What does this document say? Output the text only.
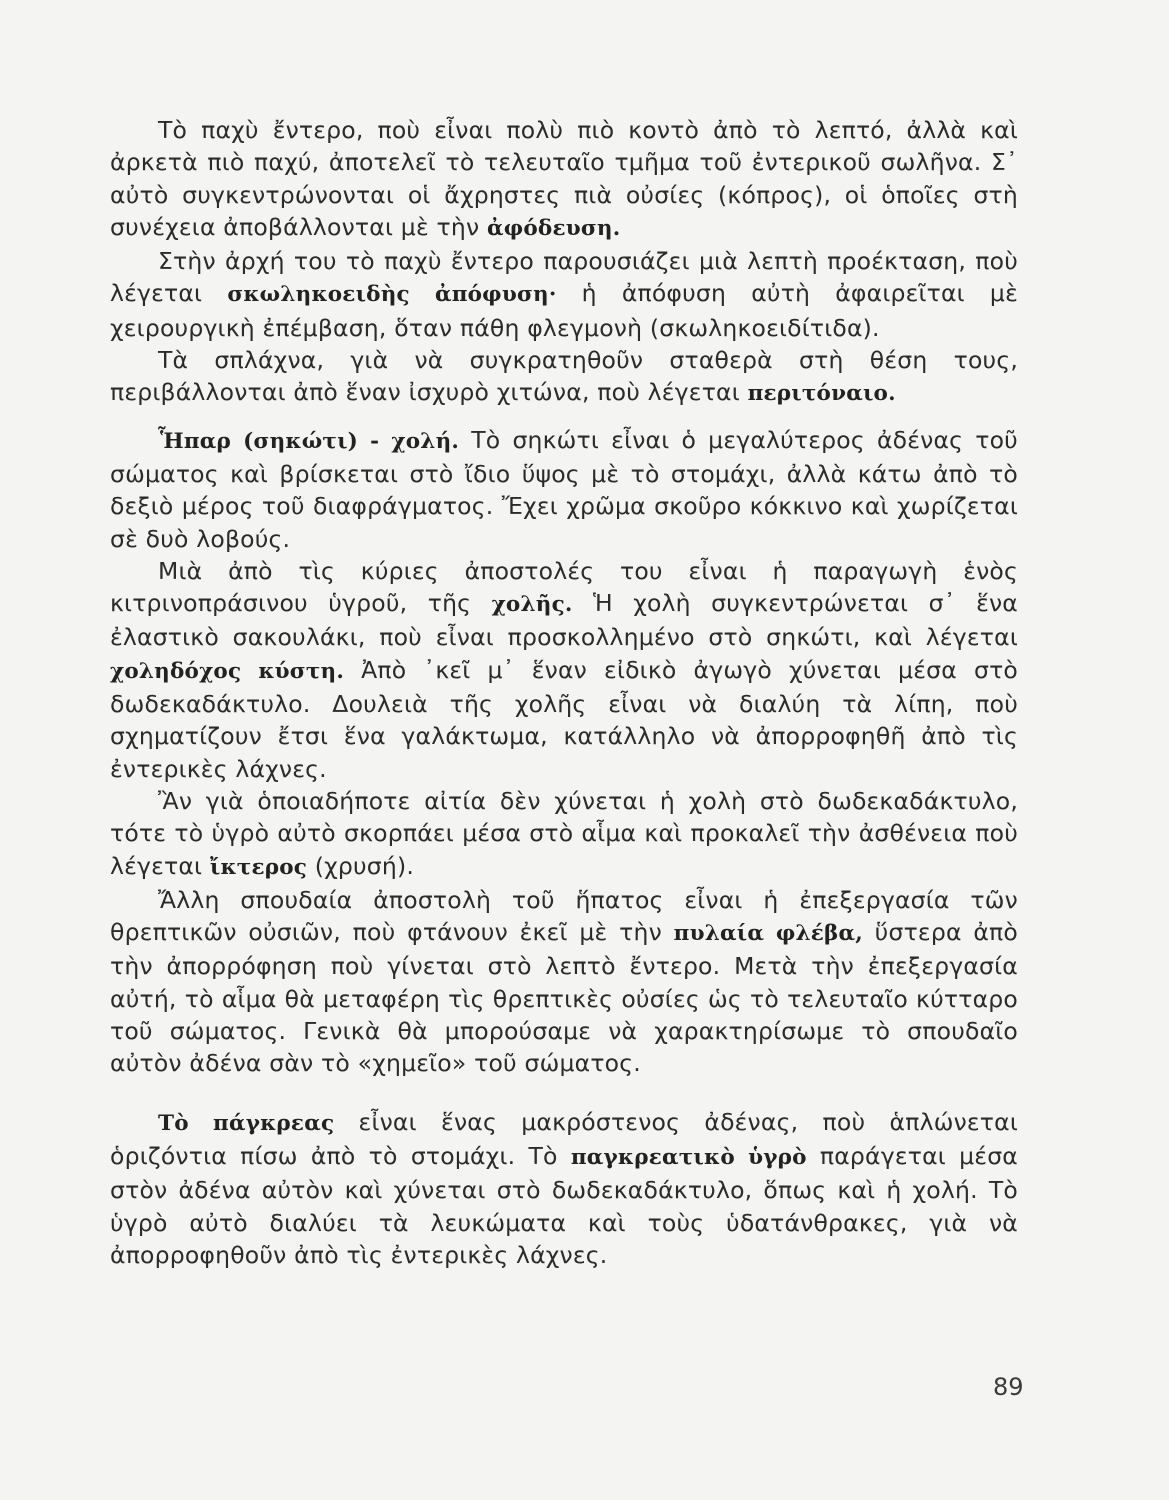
Τὸ παχὺ ἔντερο, ποὺ εἶναι πολὺ πιὸ κοντὸ ἀπὸ τὸ λεπτό, ἀλλὰ καὶ ἀρκετὰ πιὸ παχύ, ἀποτελεῖ τὸ τελευταῖο τμῆμα τοῦ ἐντερικοῦ σωλῆνα. Σ᾿ αὐτὸ συγκεντρώνονται οἱ ἄχρηστες πιὰ οὐσίες (κόπρος), οἱ ὁποῖες στὴ συνέχεια ἀποβάλλονται μὲ τὴν ἀφόδευση.

Στὴν ἀρχή του τὸ παχὺ ἔντερο παρουσιάζει μιὰ λεπτὴ προέκταση, ποὺ λέγεται σκωληκοειδὴς ἀπόφυση· ἡ ἀπόφυση αὐτὴ ἀφαιρεῖται μὲ χειρουργικὴ ἐπέμβαση, ὅταν πάθη φλεγμονὴ (σκωληκοειδίτιδα).

Τὰ σπλάχνα, γιὰ νὰ συγκρατηθοῦν σταθερὰ στὴ θέση τους, περιβάλλονται ἀπὸ ἕναν ἰσχυρὸ χιτώνα, ποὺ λέγεται περιτόναιο.

Ἧπαρ (σηκώτι) - χολή. Τὸ σηκώτι εἶναι ὁ μεγαλύτερος ἀδένας τοῦ σώματος καὶ βρίσκεται στὸ ἴδιο ὕψος μὲ τὸ στομάχι, ἀλλὰ κάτω ἀπὸ τὸ δεξιὸ μέρος τοῦ διαφράγματος. Ἔχει χρῶμα σκοῦρο κόκκινο καὶ χωρίζεται σὲ δυὸ λοβούς.

Μιὰ ἀπὸ τὶς κύριες ἀποστολές του εἶναι ἡ παραγωγὴ ἑνὸς κιτρινοπράσινου ὑγροῦ, τῆς χολῆς. Ἡ χολὴ συγκεντρώνεται σ᾿ ἕνα ἐλαστικὸ σακουλάκι, ποὺ εἶναι προσκολλημένο στὸ σηκώτι, καὶ λέγεται χοληδόχος κύστη. Ἀπὸ ᾿κεῖ μ᾿ ἕναν εἰδικὸ ἀγωγὸ χύνεται μέσα στὸ δωδεκαδάκτυλο. Δουλειὰ τῆς χολῆς εἶναι νὰ διαλύη τὰ λίπη, ποὺ σχηματίζουν ἔτσι ἕνα γαλάκτωμα, κατάλληλο νὰ ἀπορροφηθῆ ἀπὸ τὶς ἐντερικὲς λάχνες.

Ἂν γιὰ ὁποιαδήποτε αἰτία δὲν χύνεται ἡ χολὴ στὸ δωδεκαδάκτυλο, τότε τὸ ὑγρὸ αὐτὸ σκορπάει μέσα στὸ αἷμα καὶ προκαλεῖ τὴν ἀσθένεια ποὺ λέγεται ἴκτερος (χρυσή).

Ἄλλη σπουδαία ἀποστολὴ τοῦ ἥπατος εἶναι ἡ ἐπεξεργασία τῶν θρεπτικῶν οὐσιῶν, ποὺ φτάνουν ἐκεῖ μὲ τὴν πυλαία φλέβα, ὕστερα ἀπὸ τὴν ἀπορρόφηση ποὺ γίνεται στὸ λεπτὸ ἔντερο. Μετὰ τὴν ἐπεξεργασία αὐτή, τὸ αἷμα θὰ μεταφέρη τὶς θρεπτικὲς οὐσίες ὡς τὸ τελευταῖο κύτταρο τοῦ σώματος. Γενικὰ θὰ μπορούσαμε νὰ χαρακτηρίσωμε τὸ σπουδαῖο αὐτὸν ἀδένα σὰν τὸ «χημεῖο» τοῦ σώματος.

Τὸ πάγκρεας εἶναι ἕνας μακρόστενος ἀδένας, ποὺ ἁπλώνεται ὁριζόντια πίσω ἀπὸ τὸ στομάχι. Τὸ παγκρεατικὸ ὑγρὸ παράγεται μέσα στὸν ἀδένα αὐτὸν καὶ χύνεται στὸ δωδεκαδάκτυλο, ὅπως καὶ ἡ χολή. Τὸ ὑγρὸ αὐτὸ διαλύει τὰ λευκώματα καὶ τοὺς ὑδατάνθρακες, γιὰ νὰ ἀπορροφηθοῦν ἀπὸ τὶς ἐντερικὲς λάχνες.

89
